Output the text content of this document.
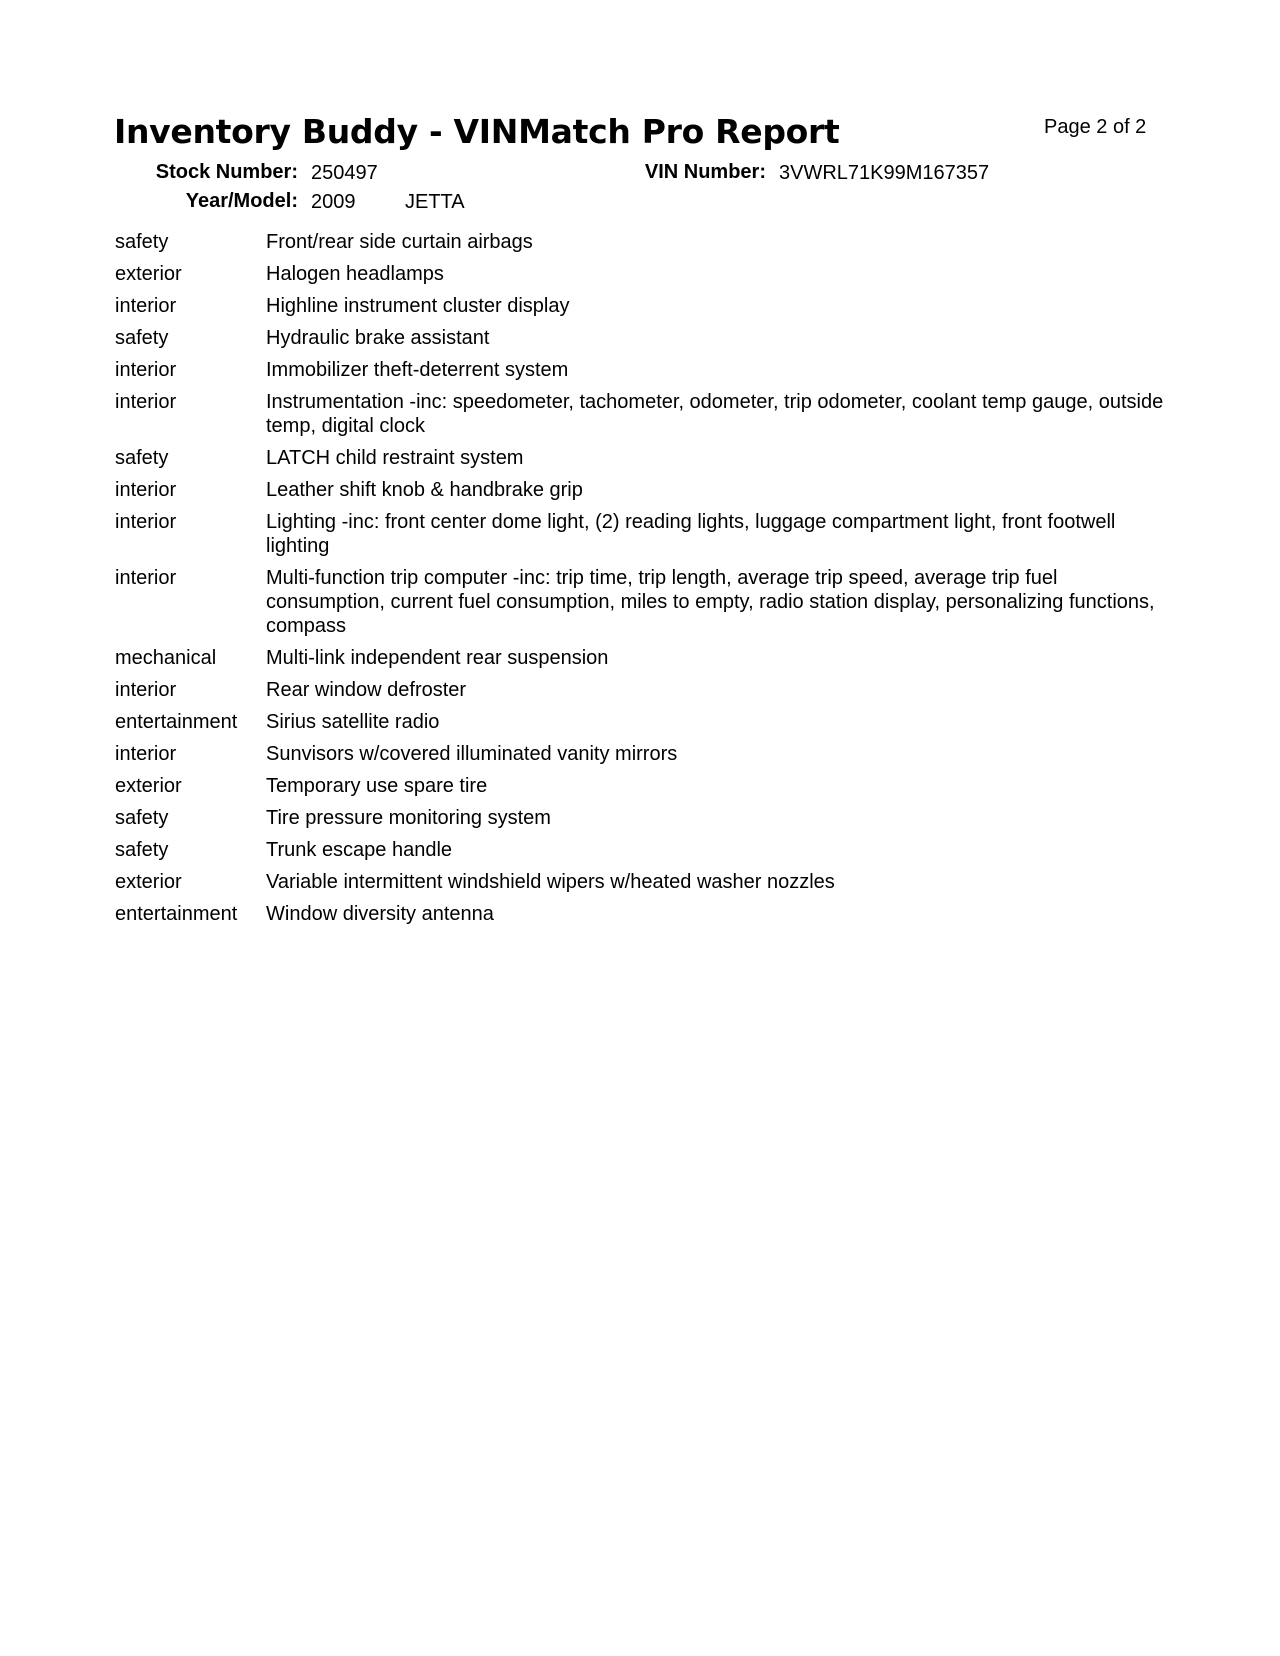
Inventory Buddy - VINMatch Pro Report	Page 2 of 2
Stock Number: 250497	VIN Number: 3VWRL71K99M167357
Year/Model: 2009 JETTA
safety	Front/rear side curtain airbags
exterior	Halogen headlamps
interior	Highline instrument cluster display
safety	Hydraulic brake assistant
interior	Immobilizer theft-deterrent system
interior	Instrumentation -inc: speedometer, tachometer, odometer, trip odometer, coolant temp gauge, outside temp, digital clock
safety	LATCH child restraint system
interior	Leather shift knob & handbrake grip
interior	Lighting -inc: front center dome light, (2) reading lights, luggage compartment light, front footwell lighting
interior	Multi-function trip computer -inc: trip time, trip length, average trip speed, average trip fuel consumption, current fuel consumption, miles to empty, radio station display, personalizing functions, compass
mechanical	Multi-link independent rear suspension
interior	Rear window defroster
entertainment	Sirius satellite radio
interior	Sunvisors w/covered illuminated vanity mirrors
exterior	Temporary use spare tire
safety	Tire pressure monitoring system
safety	Trunk escape handle
exterior	Variable intermittent windshield wipers w/heated washer nozzles
entertainment	Window diversity antenna
